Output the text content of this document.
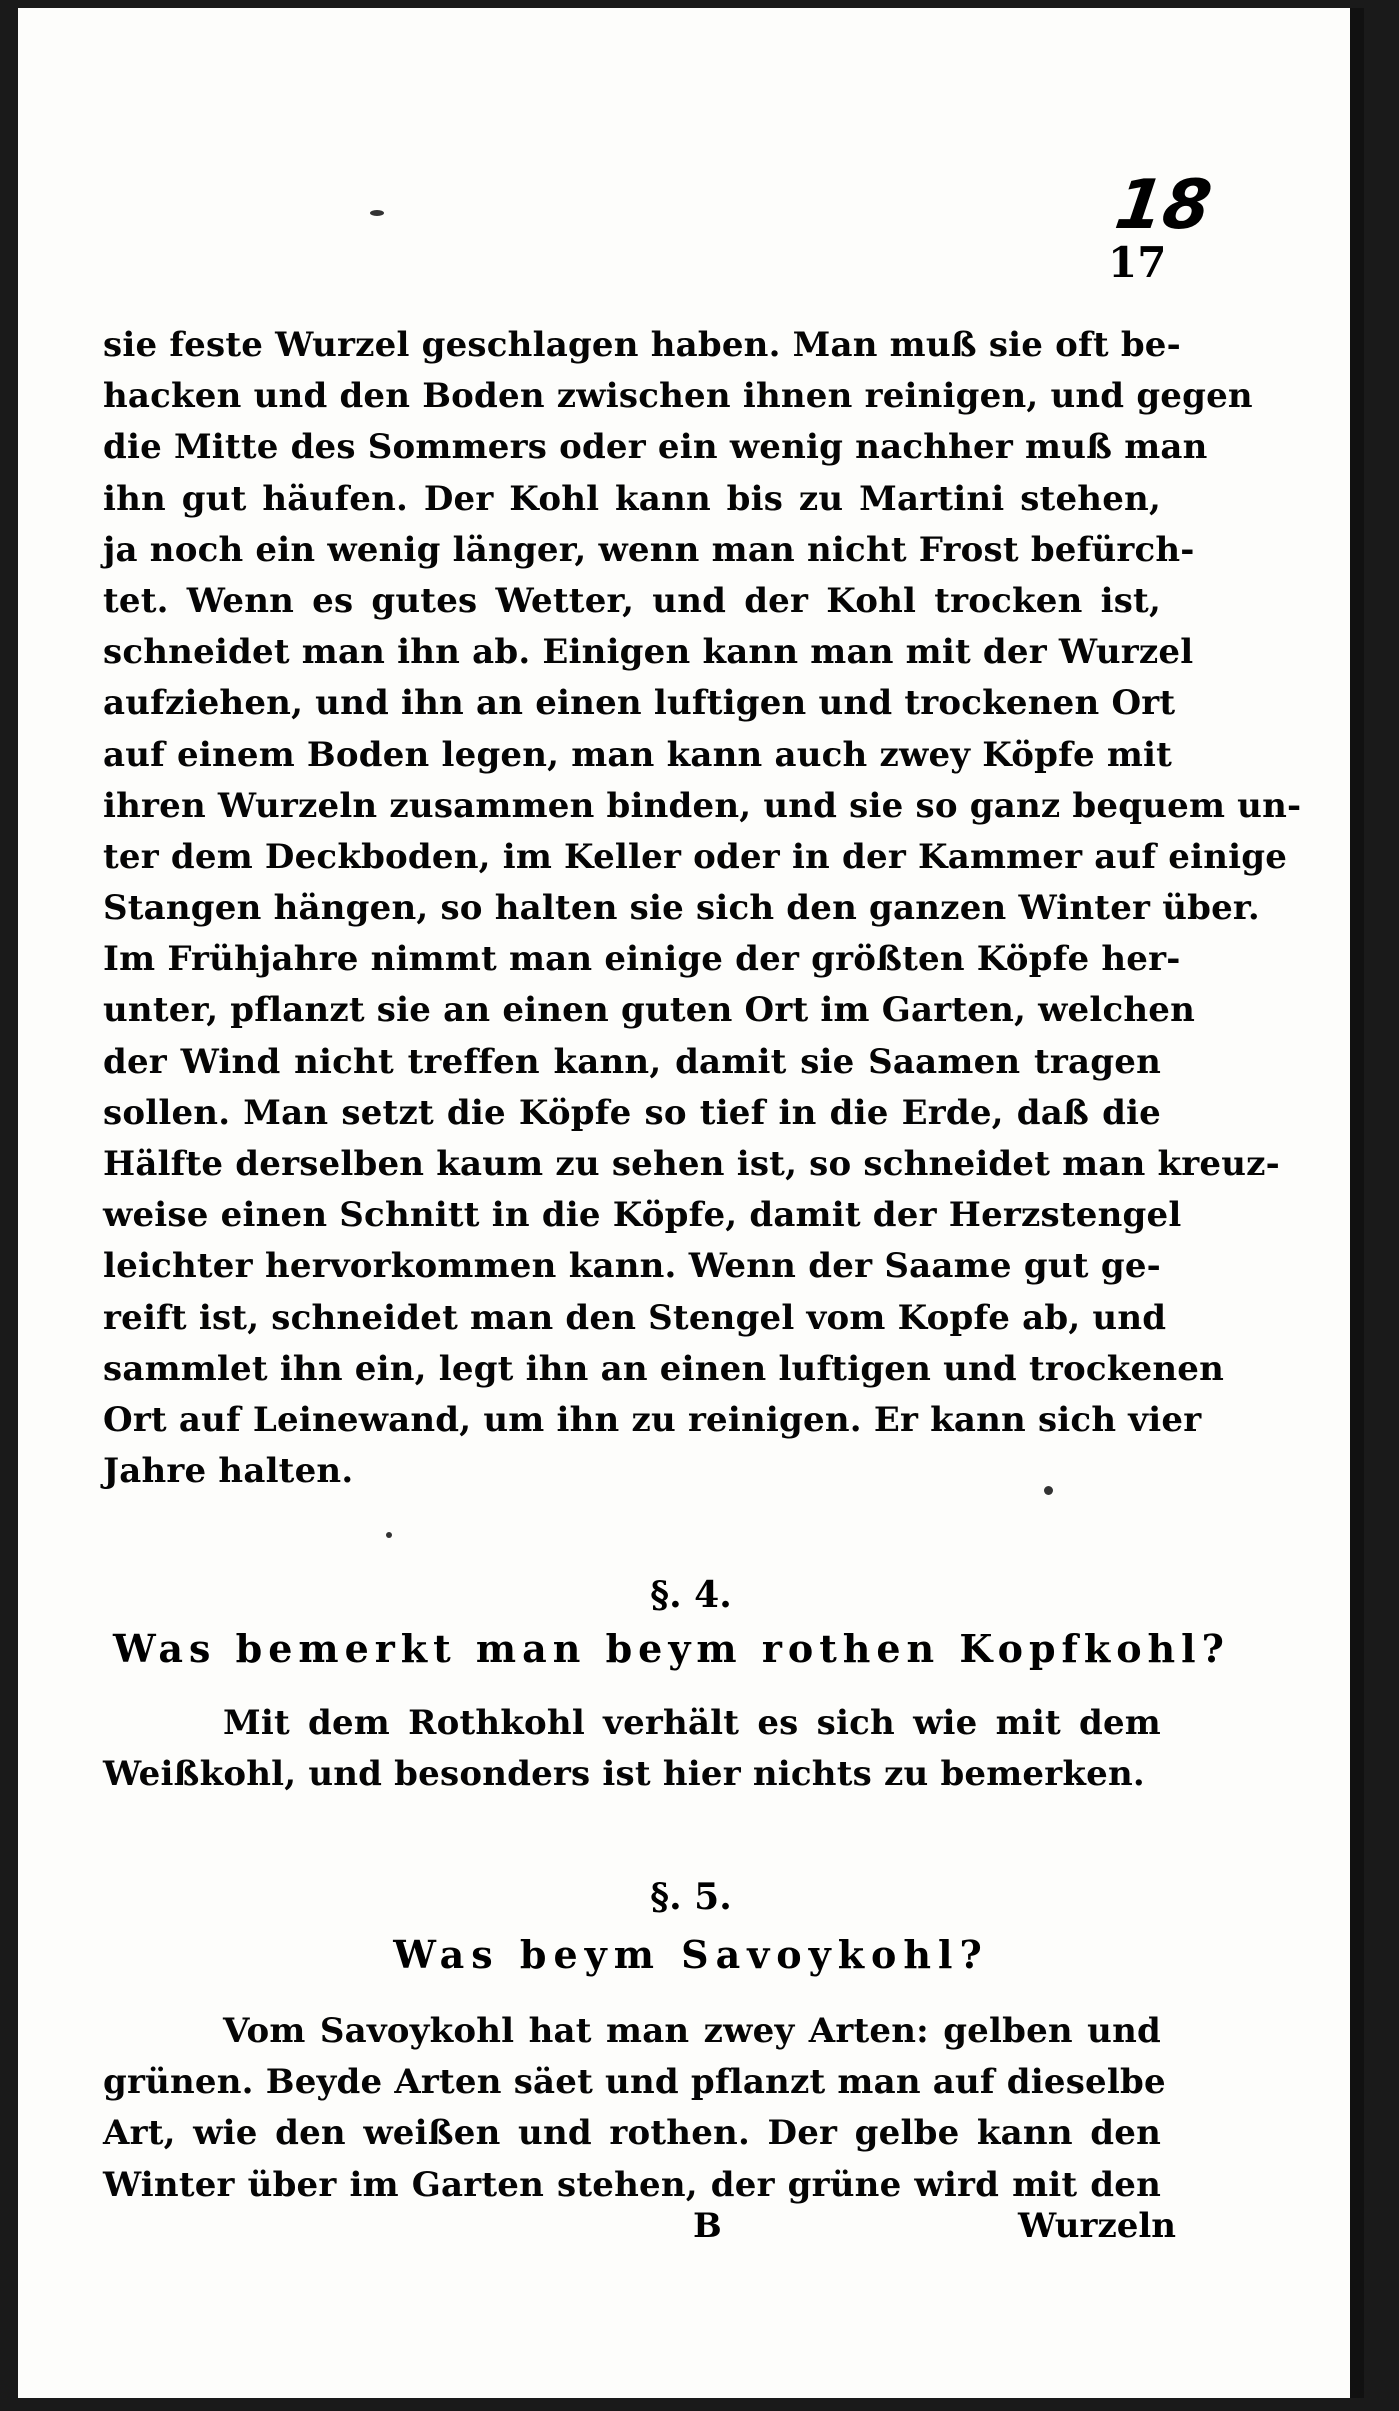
18
17
sie feste Wurzel geschlagen haben. Man muß sie oft be-
hacken und den Boden zwischen ihnen reinigen, und gegen
die Mitte des Sommers oder ein wenig nachher muß man
ihn gut häufen. Der Kohl kann bis zu Martini stehen,
ja noch ein wenig länger, wenn man nicht Frost befürch-
tet. Wenn es gutes Wetter, und der Kohl trocken ist,
schneidet man ihn ab. Einigen kann man mit der Wurzel
aufziehen, und ihn an einen luftigen und trockenen Ort
auf einem Boden legen, man kann auch zwey Köpfe mit
ihren Wurzeln zusammen binden, und sie so ganz bequem un-
ter dem Deckboden, im Keller oder in der Kammer auf einige
Stangen hängen, so halten sie sich den ganzen Winter über.
Im Frühjahre nimmt man einige der größten Köpfe her-
unter, pflanzt sie an einen guten Ort im Garten, welchen
der Wind nicht treffen kann, damit sie Saamen tragen
sollen. Man setzt die Köpfe so tief in die Erde, daß die
Hälfte derselben kaum zu sehen ist, so schneidet man kreuz-
weise einen Schnitt in die Köpfe, damit der Herzstengel
leichter hervorkommen kann. Wenn der Saame gut ge-
reift ist, schneidet man den Stengel vom Kopfe ab, und
sammlet ihn ein, legt ihn an einen luftigen und trockenen
Ort auf Leinewand, um ihn zu reinigen. Er kann sich vier
Jahre halten.
§. 4.
Was bemerkt man beym rothen Kopfkohl?
Mit dem Rothkohl verhält es sich wie mit dem
Weißkohl, und besonders ist hier nichts zu bemerken.
§. 5.
Was beym Savoykohl?
Vom Savoykohl hat man zwey Arten: gelben und
grünen. Beyde Arten säet und pflanzt man auf dieselbe
Art, wie den weißen und rothen. Der gelbe kann den
Winter über im Garten stehen, der grüne wird mit den
B	Wurzeln
